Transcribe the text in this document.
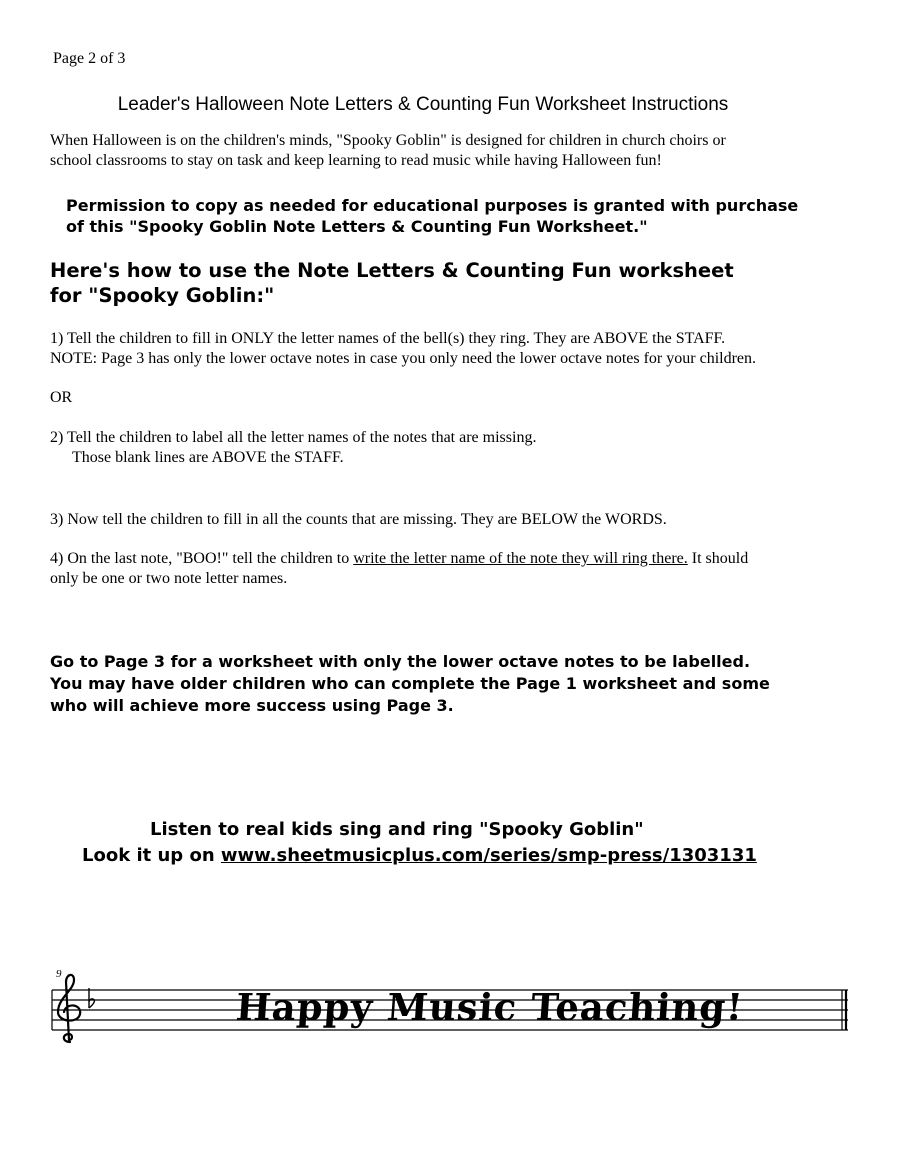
Page 2 of 3
Leader's Halloween Note Letters & Counting Fun Worksheet Instructions
When Halloween is on the children's minds, "Spooky Goblin" is designed for children in church choirs or
school classrooms to stay on task and keep learning to read music while having Halloween fun!
Permission to copy as needed for educational purposes is granted with purchase
of this "Spooky Goblin Note Letters & Counting Fun Worksheet."
Here's how to use the Note Letters & Counting Fun worksheet
for "Spooky Goblin:"
1) Tell the children to fill in ONLY the letter names of the bell(s) they ring. They are ABOVE the STAFF.
NOTE: Page 3 has only the lower octave notes in case you only need the lower octave notes for your children.
OR
2) Tell the children to label all the letter names of the notes that are missing.
Those blank lines are ABOVE the STAFF.
3) Now tell the children to fill in all the counts that are missing. They are BELOW the WORDS.
4) On the last note, "BOO!" tell the children to write the letter name of the note they will ring there. It should
only be one or two note letter names.
Go to Page 3 for a worksheet with only the lower octave notes to be labelled.
You may have older children who can complete the Page 1 worksheet and some
who will achieve more success using Page 3.
Listen to real kids sing and ring "Spooky Goblin"
Look it up on www.sheetmusicplus.com/series/smp-press/1303131
9
Happy Music Teaching!
